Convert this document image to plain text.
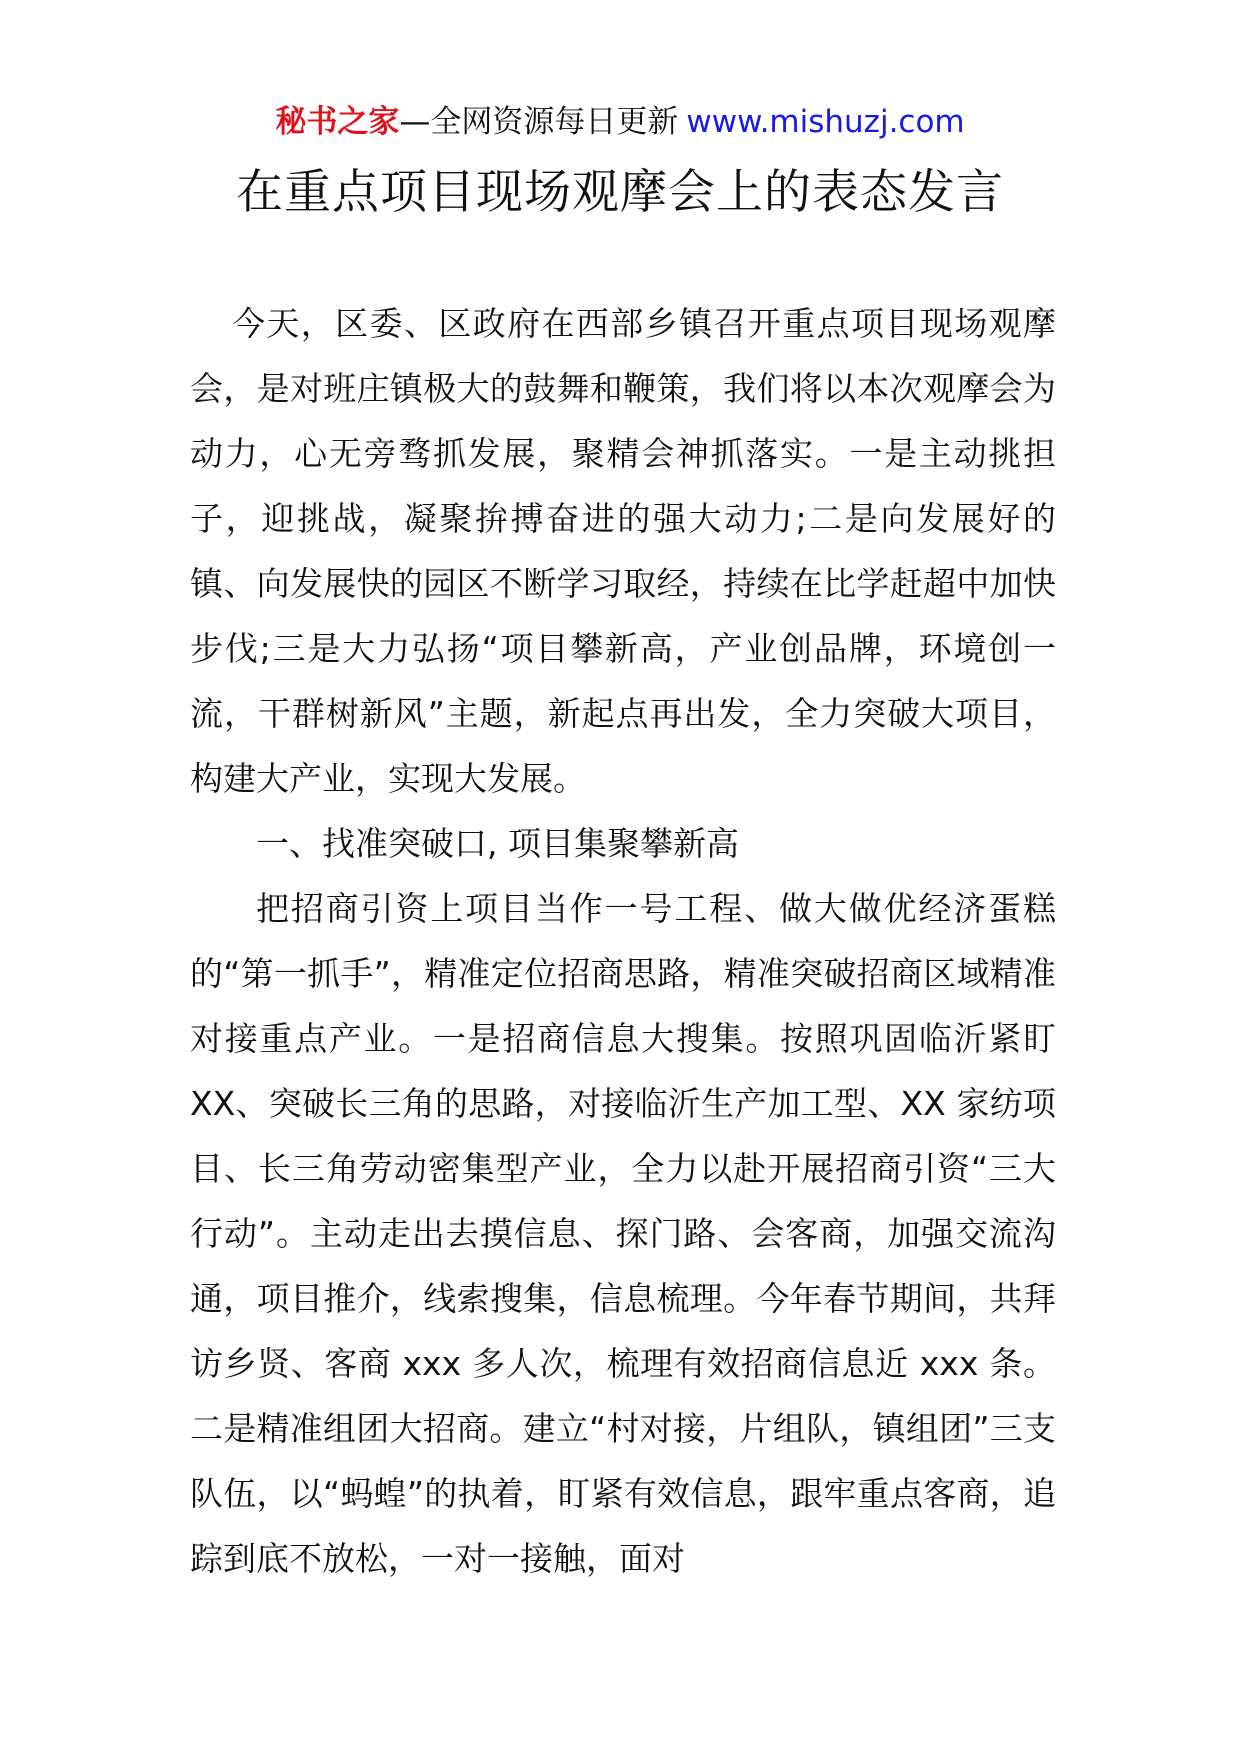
秘书之家—全网资源每日更新 www.mishuzj.com
在重点项目现场观摩会上的表态发言

今天，区委、区政府在西部乡镇召开重点项目现场观摩会，是对班庄镇极大的鼓舞和鞭策，我们将以本次观摩会为动力，心无旁骛抓发展，聚精会神抓落实。一是主动挑担子，迎挑战，凝聚拚搏奋进的强大动力;二是向发展好的镇、向发展快的园区不断学习取经，持续在比学赶超中加快步伐;三是大力弘扬“项目攀新高，产业创品牌，环境创一流，干群树新风”主题，新起点再出发，全力突破大项目，构建大产业，实现大发展。

一、找准突破口, 项目集聚攀新高

把招商引资上项目当作一号工程、做大做优经济蛋糕的“第一抓手”，精准定位招商思路，精准突破招商区域精准对接重点产业。一是招商信息大搜集。按照巩固临沂紧盯 XX、突破长三角的思路，对接临沂生产加工型、XX 家纺项目、长三角劳动密集型产业，全力以赴开展招商引资“三大行动”。主动走出去摸信息、探门路、会客商，加强交流沟通，项目推介，线索搜集，信息梳理。今年春节期间，共拜访乡贤、客商 xxx 多人次，梳理有效招商信息近 xxx 条。二是精准组团大招商。建立“村对接，片组队，镇组团”三支队伍，以“蚂蝗”的执着，盯紧有效信息，跟牢重点客商，追踪到底不放松，一对一接触，面对
